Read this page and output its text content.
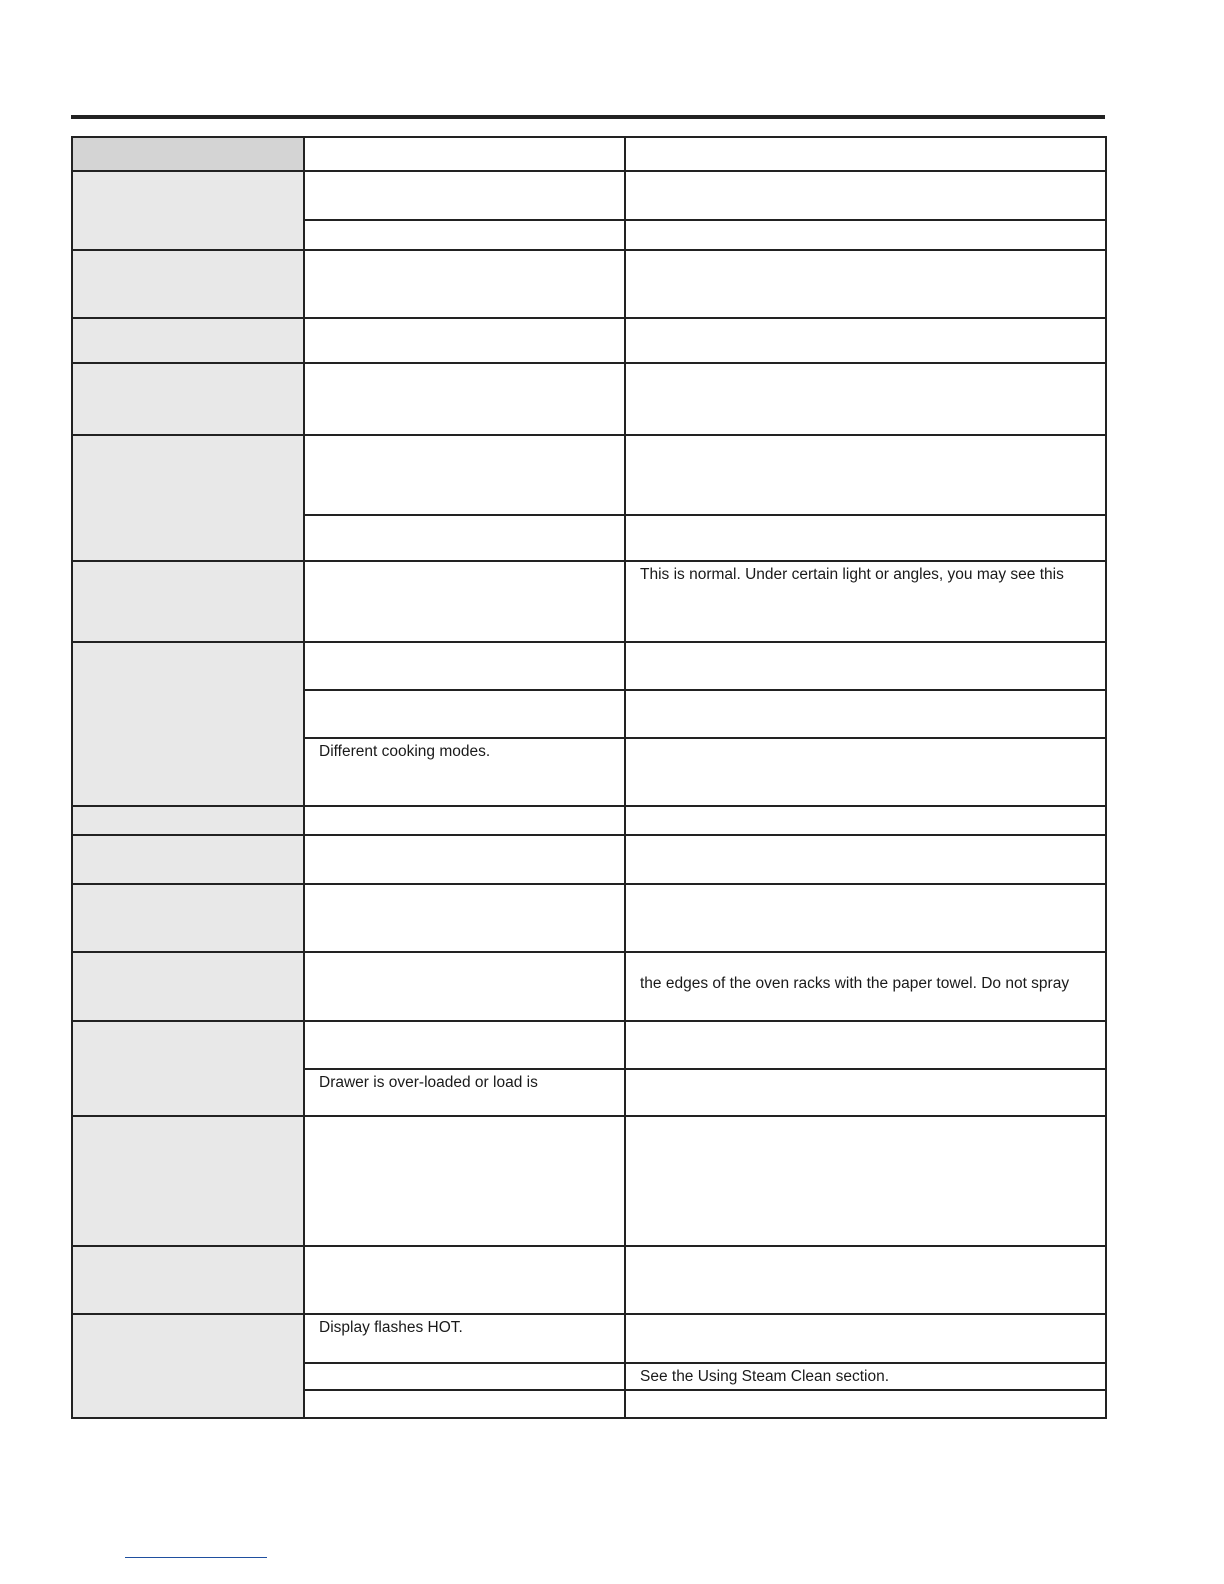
		This is normal. Under certain light or angles, you may see this

	Different cooking modes.	

		the edges of the oven racks with the paper towel. Do not spray

	Drawer is over-loaded or load is	

	Display flashes HOT.	

		See the Using Steam Clean section.
